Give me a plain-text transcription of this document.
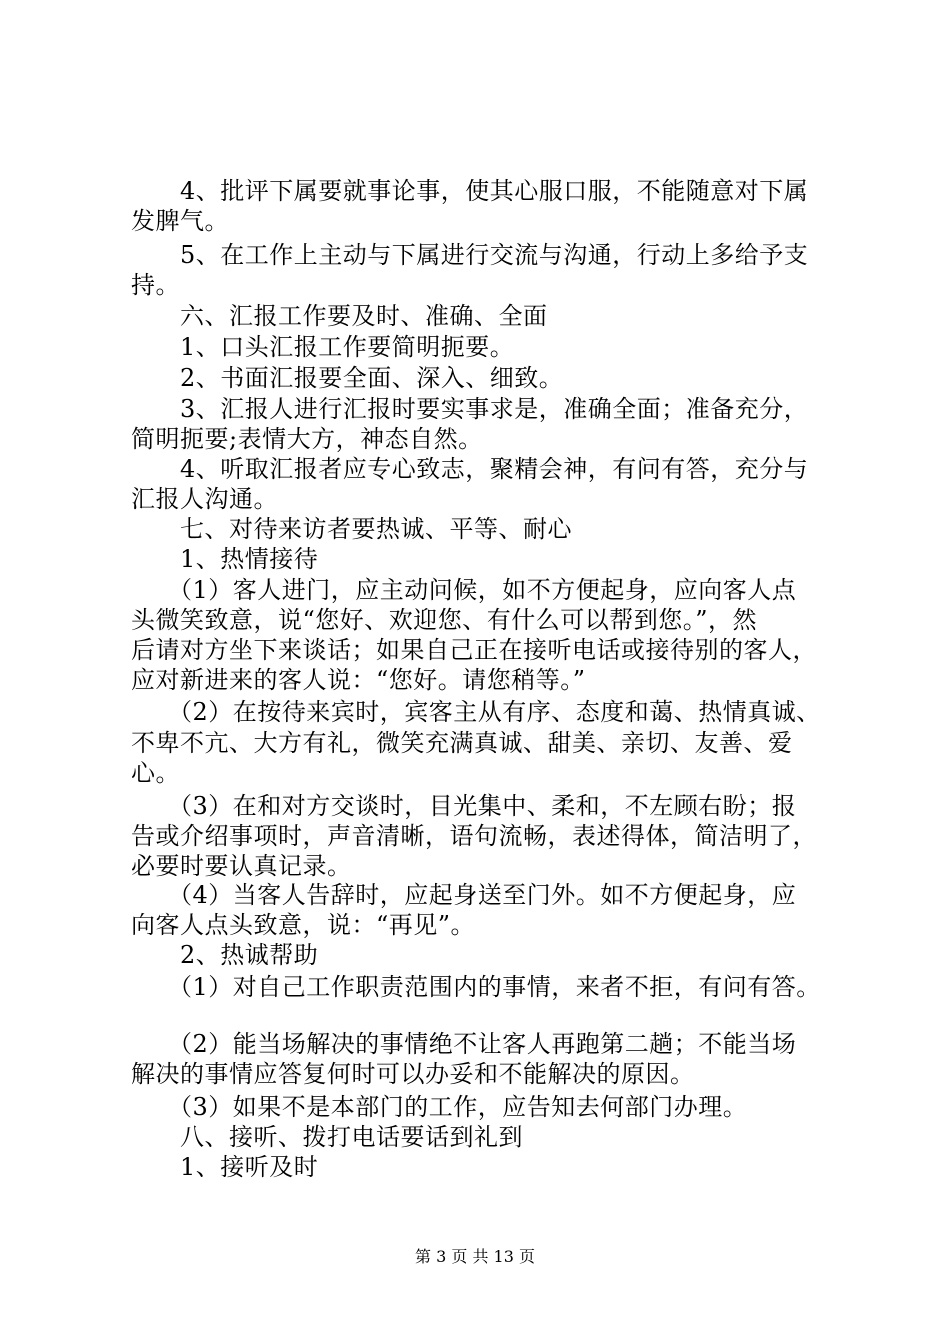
　　4、批评下属要就事论事，使其心服口服，不能随意对下属
发脾气。
　　5、在工作上主动与下属进行交流与沟通，行动上多给予支
持。
　　六、汇报工作要及时、准确、全面
　　1、口头汇报工作要简明扼要。
　　2、书面汇报要全面、深入、细致。
　　3、汇报人进行汇报时要实事求是，准确全面；准备充分，
简明扼要;表情大方，神态自然。
　　4、听取汇报者应专心致志，聚精会神，有问有答，充分与
汇报人沟通。
　　七、对待来访者要热诚、平等、耐心
　　1、热情接待
　　（1）客人进门，应主动问候，如不方便起身，应向客人点
头微笑致意，说“您好、欢迎您、有什么可以帮到您。”，然
后请对方坐下来谈话；如果自己正在接听电话或接待别的客人，
应对新进来的客人说：“您好。请您稍等。”
　　（2）在按待来宾时，宾客主从有序、态度和蔼、热情真诚、
不卑不亢、大方有礼，微笑充满真诚、甜美、亲切、友善、爱
心。
　　（3）在和对方交谈时，目光集中、柔和，不左顾右盼；报
告或介绍事项时，声音清晰，语句流畅，表述得体，简洁明了，
必要时要认真记录。
　　（4）当客人告辞时，应起身送至门外。如不方便起身，应
向客人点头致意，说：“再见”。
　　2、热诚帮助
　　（1）对自己工作职责范围内的事情，来者不拒，有问有答。
　　（2）能当场解决的事情绝不让客人再跑第二趟；不能当场
解决的事情应答复何时可以办妥和不能解决的原因。
　　（3）如果不是本部门的工作，应告知去何部门办理。
　　八、接听、拨打电话要话到礼到
　　1、接听及时
第 3 页 共 13 页
